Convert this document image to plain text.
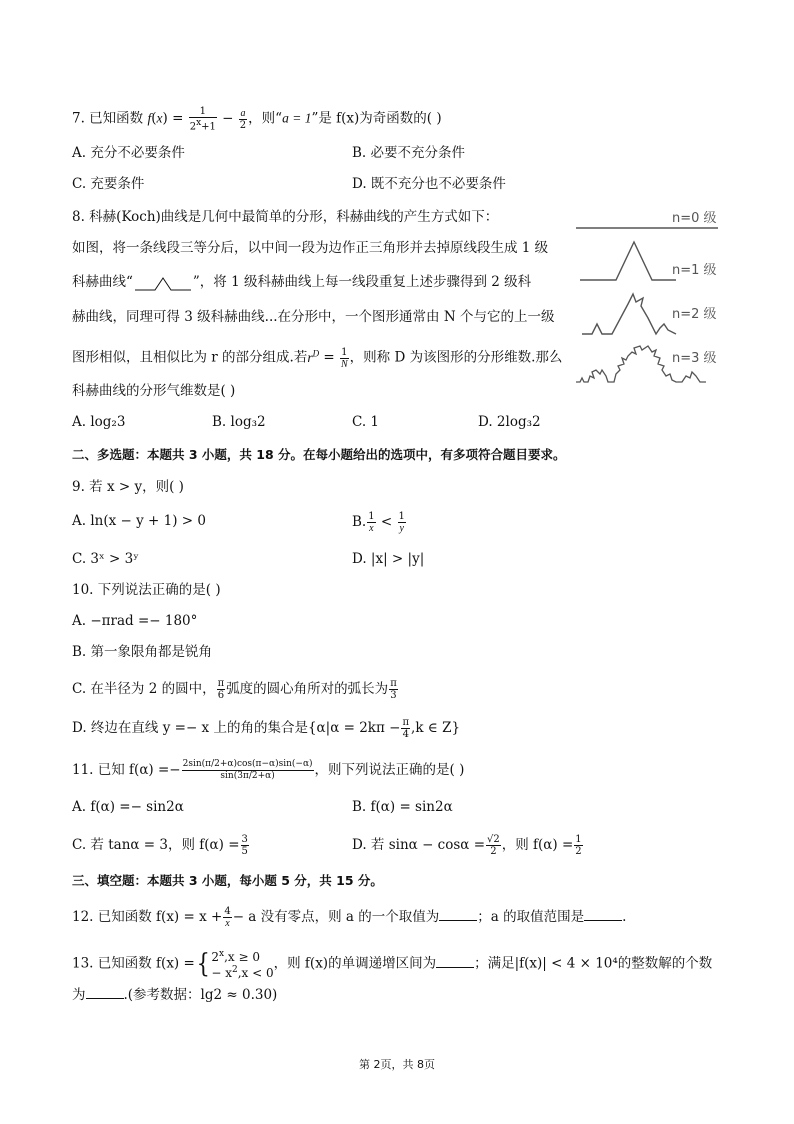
7. 已知函数 $f(x) = \frac{1}{2^x+1} - \frac{a}{2}$ ，则“a = 1”是 f(x)为奇函数的( )
A. 充分不必要条件	B. 必要不充分条件
C. 充要条件	D. 既不充分也不必要条件
8. 科赫(Koch)曲线是几何中最简单的分形，科赫曲线的产生方式如下：
如图，将一条线段三等分后，以中间一段为边作正三角形并去掉原线段生成 1 级
科赫曲线“	”，将 1 级科赫曲线上每一线段重复上述步骤得到 2 级科
赫曲线，同理可得 3 级科赫曲线...在分形中，一个图形通常由 N 个与它的上一级
图形相似，且相似比为 r 的部分组成.若$r^D = \frac{1}{N}$ ，则称 D 为该图形的分形维数.那么
科赫曲线的分形气维数是( )
A. log₂3	B. log₃2	C. 1	D. 2log₃2
n=0 级
n=1 级
n=2 级
n=3 级
二、多选题：本题共 3 小题，共 18 分。在每小题给出的选项中，有多项符合题目要求。
9. 若 x > y，则( )
A. ln(x − y + 1) > 0	B. $\frac{1}{x} < \frac{1}{y}$
C. 3ˣ > 3ʸ	D. |x| > |y|
10. 下列说法正确的是( )
A. −πrad =− 180°
B. 第一象限角都是锐角
C. 在半径为 2 的圆中， $\frac{\pi}{6}$ 弧度的圆心角所对的弧长为 $\frac{\pi}{3}$
D. 终边在直线 y =− x 上的角的集合是{$\alpha|\alpha = 2k\pi - \frac{\pi}{4} ,k$ ∈ Z}
11. 已知 $f(\alpha) =- \frac{2\sin(\pi/2+\alpha)\cos(\pi-\alpha)\sin(-\alpha)}{\sin(3\pi/2+\alpha)}$ ，则下列说法正确的是( )
A. f(α) =− sin2α	B. f(α) = sin2α
C. 若 tanα = 3，则 $f(\alpha) = \frac{3}{5}$	D. 若 $\sin\alpha - \cos\alpha = \frac{√2}{2}$ ，则 $f(\alpha) = \frac{1}{2}$
三、填空题：本题共 3 小题，每小题 5 分，共 15 分。
12. 已知函数 $f(x) = x + \frac{4}{x} - a$ 没有零点，则 a 的一个取值为	；a 的取值范围是	.
13. 已知函数 f(x) ={ $2^x,x \ge 0$
− $x^2,x < 0$
，则 f(x)的单调递增区间为	；满足|f(x)| < 4 × 10⁴的整数解的个数
为	.(参考数据：lg2 ≈ 0.30)
第 2页，共 8页
